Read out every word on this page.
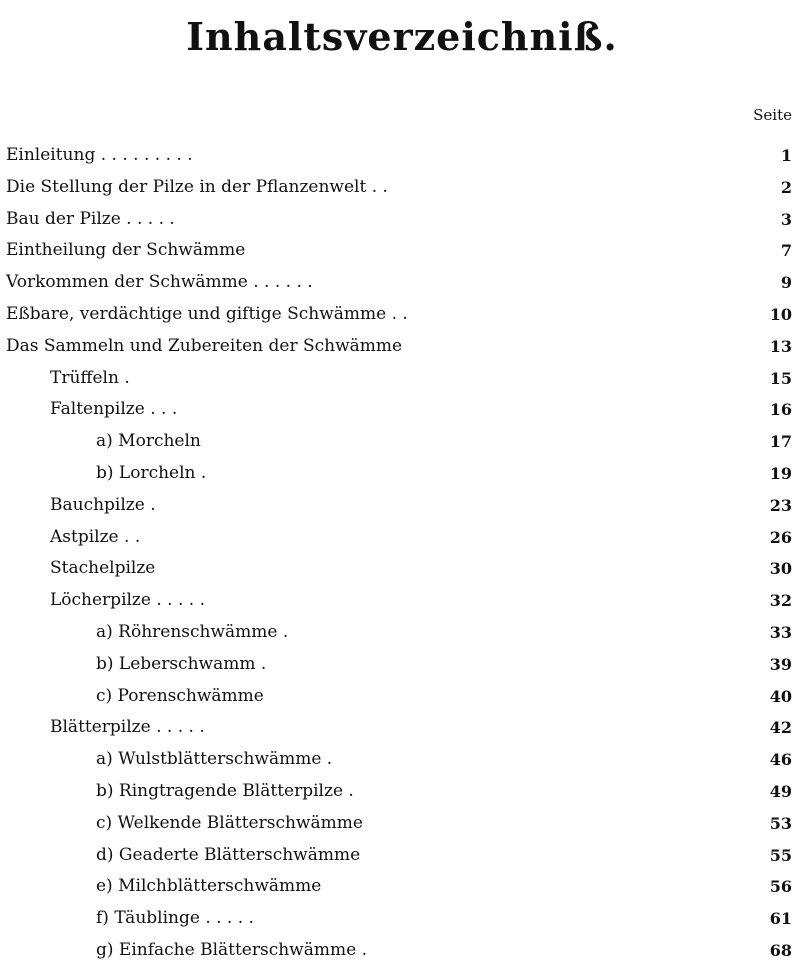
Inhaltsverzeichniß.
Seite
Einleitung . . . . . . . . .	1
Die Stellung der Pilze in der Pflanzenwelt . .	2
Bau der Pilze . . . . .	3
Eintheilung der Schwämme	7
Vorkommen der Schwämme . . . . . .	9
Eßbare, verdächtige und giftige Schwämme . .	10
Das Sammeln und Zubereiten der Schwämme	13
Trüffeln .	15
Faltenpilze . . .	16
a) Morcheln	17
b) Lorcheln .	19
Bauchpilze .	23
Astpilze . .	26
Stachelpilze	30
Löcherpilze . . . . .	32
a) Röhrenschwämme .	33
b) Leberschwamm .	39
c) Porenschwämme	40
Blätterpilze . . . . .	42
a) Wulstblätterschwämme .	46
b) Ringtragende Blätterpilze .	49
c) Welkende Blätterschwämme	53
d) Geaderte Blätterschwämme	55
e) Milchblätterschwämme	56
f) Täublinge . . . . .	61
g) Einfache Blätterschwämme .	68
